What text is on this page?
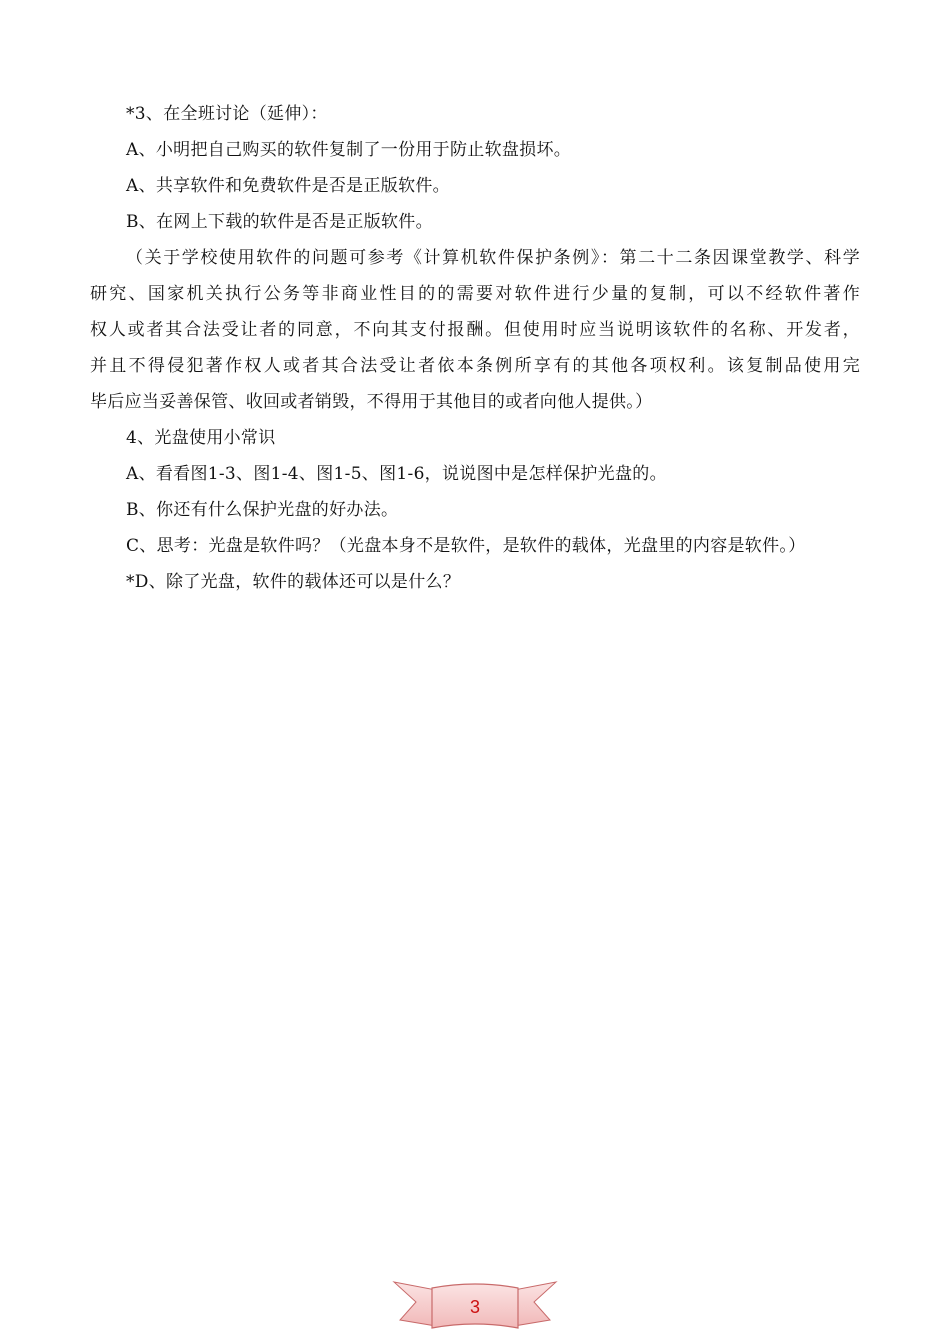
*3、在全班讨论（延伸）：
A、小明把自己购买的软件复制了一份用于防止软盘损坏。
A、共享软件和免费软件是否是正版软件。
B、在网上下载的软件是否是正版软件。
（关于学校使用软件的问题可参考《计算机软件保护条例》：第二十二条因课堂教学、科学
研究、国家机关执行公务等非商业性目的的需要对软件进行少量的复制，可以不经软件著作
权人或者其合法受让者的同意，不向其支付报酬。但使用时应当说明该软件的名称、开发者，
并且不得侵犯著作权人或者其合法受让者依本条例所享有的其他各项权利。该复制品使用完
毕后应当妥善保管、收回或者销毁，不得用于其他目的或者向他人提供。）
4、光盘使用小常识
A、看看图1-3、图1-4、图1-5、图1-6，说说图中是怎样保护光盘的。
B、你还有什么保护光盘的好办法。
C、思考：光盘是软件吗？（光盘本身不是软件，是软件的载体，光盘里的内容是软件。）
*D、除了光盘，软件的载体还可以是什么？
3
